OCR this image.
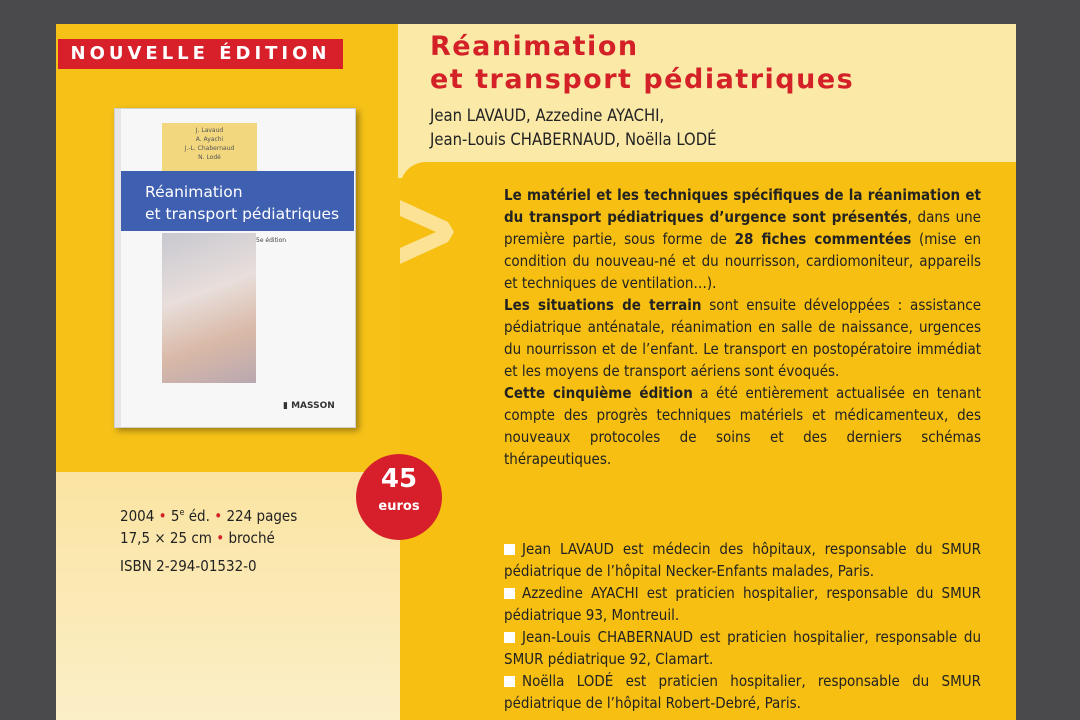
NOUVELLE ÉDITION	Réanimation
et transport pédiatriques
Jean LAVAUD, Azzedine AYACHI,
Jean-Louis CHABERNAUD, Noëlla LODÉ
J. Lavaud
A. Ayachi
J.-L. Chabernaud
N. Lodé
Réanimation
et transport pédiatriques
5e édition
▮ MASSON
45
euros
2004 • 5e éd. • 224 pages
17,5 × 25 cm • broché
ISBN 2-294-01532-0

Le matériel et les techniques spécifiques de la réanimation et du transport pédiatriques d’urgence sont présentés, dans une première partie, sous forme de 28 fiches commentées (mise en condition du nouveau-né et du nourrisson, cardiomoniteur, appareils et techniques de ventilation…).

Les situations de terrain sont ensuite développées : assistance pédiatrique anténatale, réanimation en salle de naissance, urgences du nourrisson et de l’enfant. Le transport en postopératoire immédiat et les moyens de transport aériens sont évoqués.

Cette cinquième édition a été entièrement actualisée en tenant compte des progrès techniques matériels et médicamenteux, des nouveaux protocoles de soins et des derniers schémas thérapeutiques.

Jean LAVAUD est médecin des hôpitaux, responsable du SMUR pédiatrique de l’hôpital Necker-Enfants malades, Paris.

Azzedine AYACHI est praticien hospitalier, responsable du SMUR pédiatrique 93, Montreuil.

Jean-Louis CHABERNAUD est praticien hospitalier, responsable du SMUR pédiatrique 92, Clamart.

Noëlla LODÉ est praticien hospitalier, responsable du SMUR pédiatrique de l’hôpital Robert-Debré, Paris.
